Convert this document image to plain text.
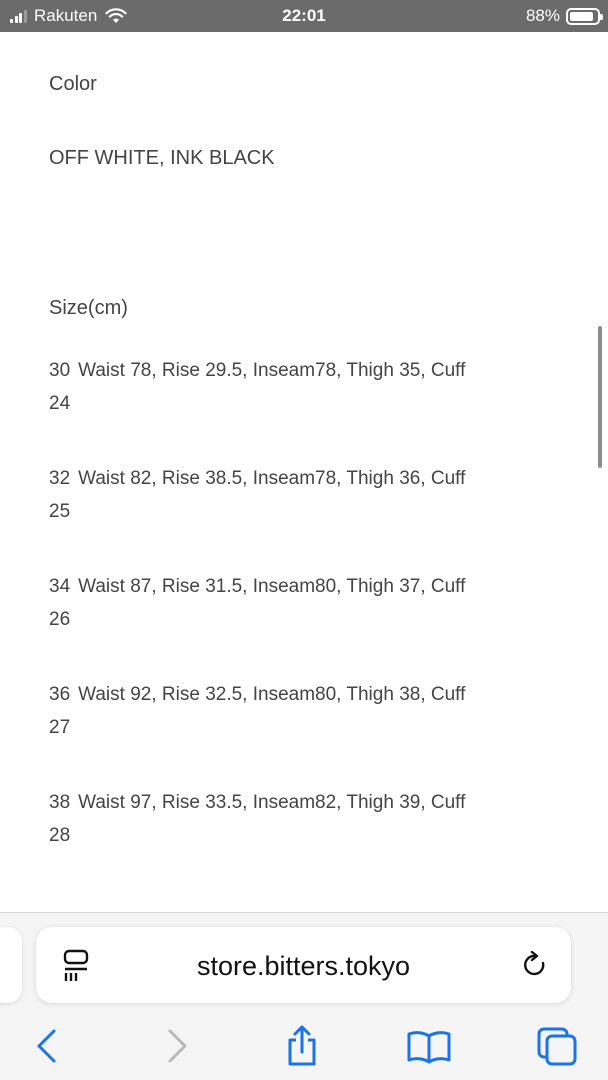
Rakuten	22:01	88%
Color
OFF WHITE, INK BLACK
Size(cm)
30 Waist 78, Rise 29.5, Inseam78, Thigh 35, Cuff
24
32 Waist 82, Rise 38.5, Inseam78, Thigh 36, Cuff
25
34 Waist 87, Rise 31.5, Inseam80, Thigh 37, Cuff
26
36 Waist 92, Rise 32.5, Inseam80, Thigh 38, Cuff
27
38 Waist 97, Rise 33.5, Inseam82, Thigh 39, Cuff
28
store.bitters.tokyo
